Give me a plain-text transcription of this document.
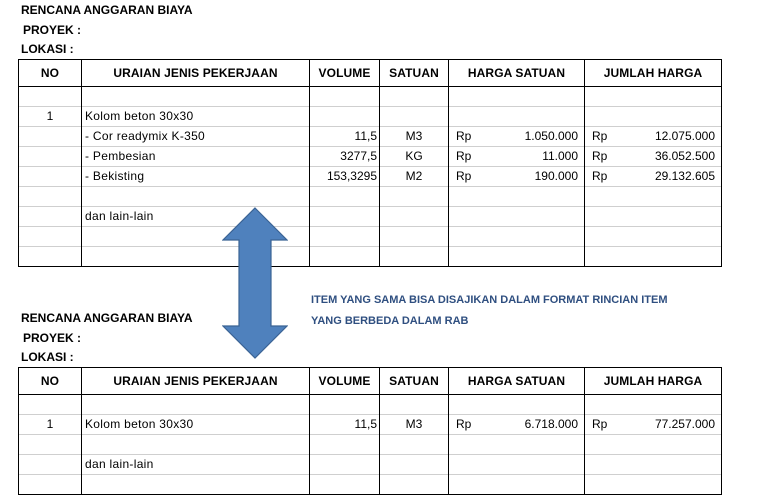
RENCANA ANGGARAN BIAYA
PROYEK :
LOKASI :
NO	URAIAN JENIS PEKERJAAN	VOLUME	SATUAN	HARGA SATUAN	JUMLAH HARGA

1	Kolom beton 30x30			

	- Cor readymix K-350	11,5	M3	Rp 1.050.000	Rp 12.075.000

	- Pembesian	3277,5	KG	Rp 11.000	Rp 36.052.500

	- Bekisting	153,3295	M2	Rp 190.000	Rp 29.132.605

	dan lain-lain			

ITEM YANG SAMA BISA DISAJIKAN DALAM FORMAT RINCIAN ITEM
YANG BERBEDA DALAM RAB
RENCANA ANGGARAN BIAYA
PROYEK :
LOKASI :
NO	URAIAN JENIS PEKERJAAN	VOLUME	SATUAN	HARGA SATUAN	JUMLAH HARGA

1	Kolom beton 30x30	11,5	M3	Rp 6.718.000	Rp 77.257.000

	dan lain-lain			
